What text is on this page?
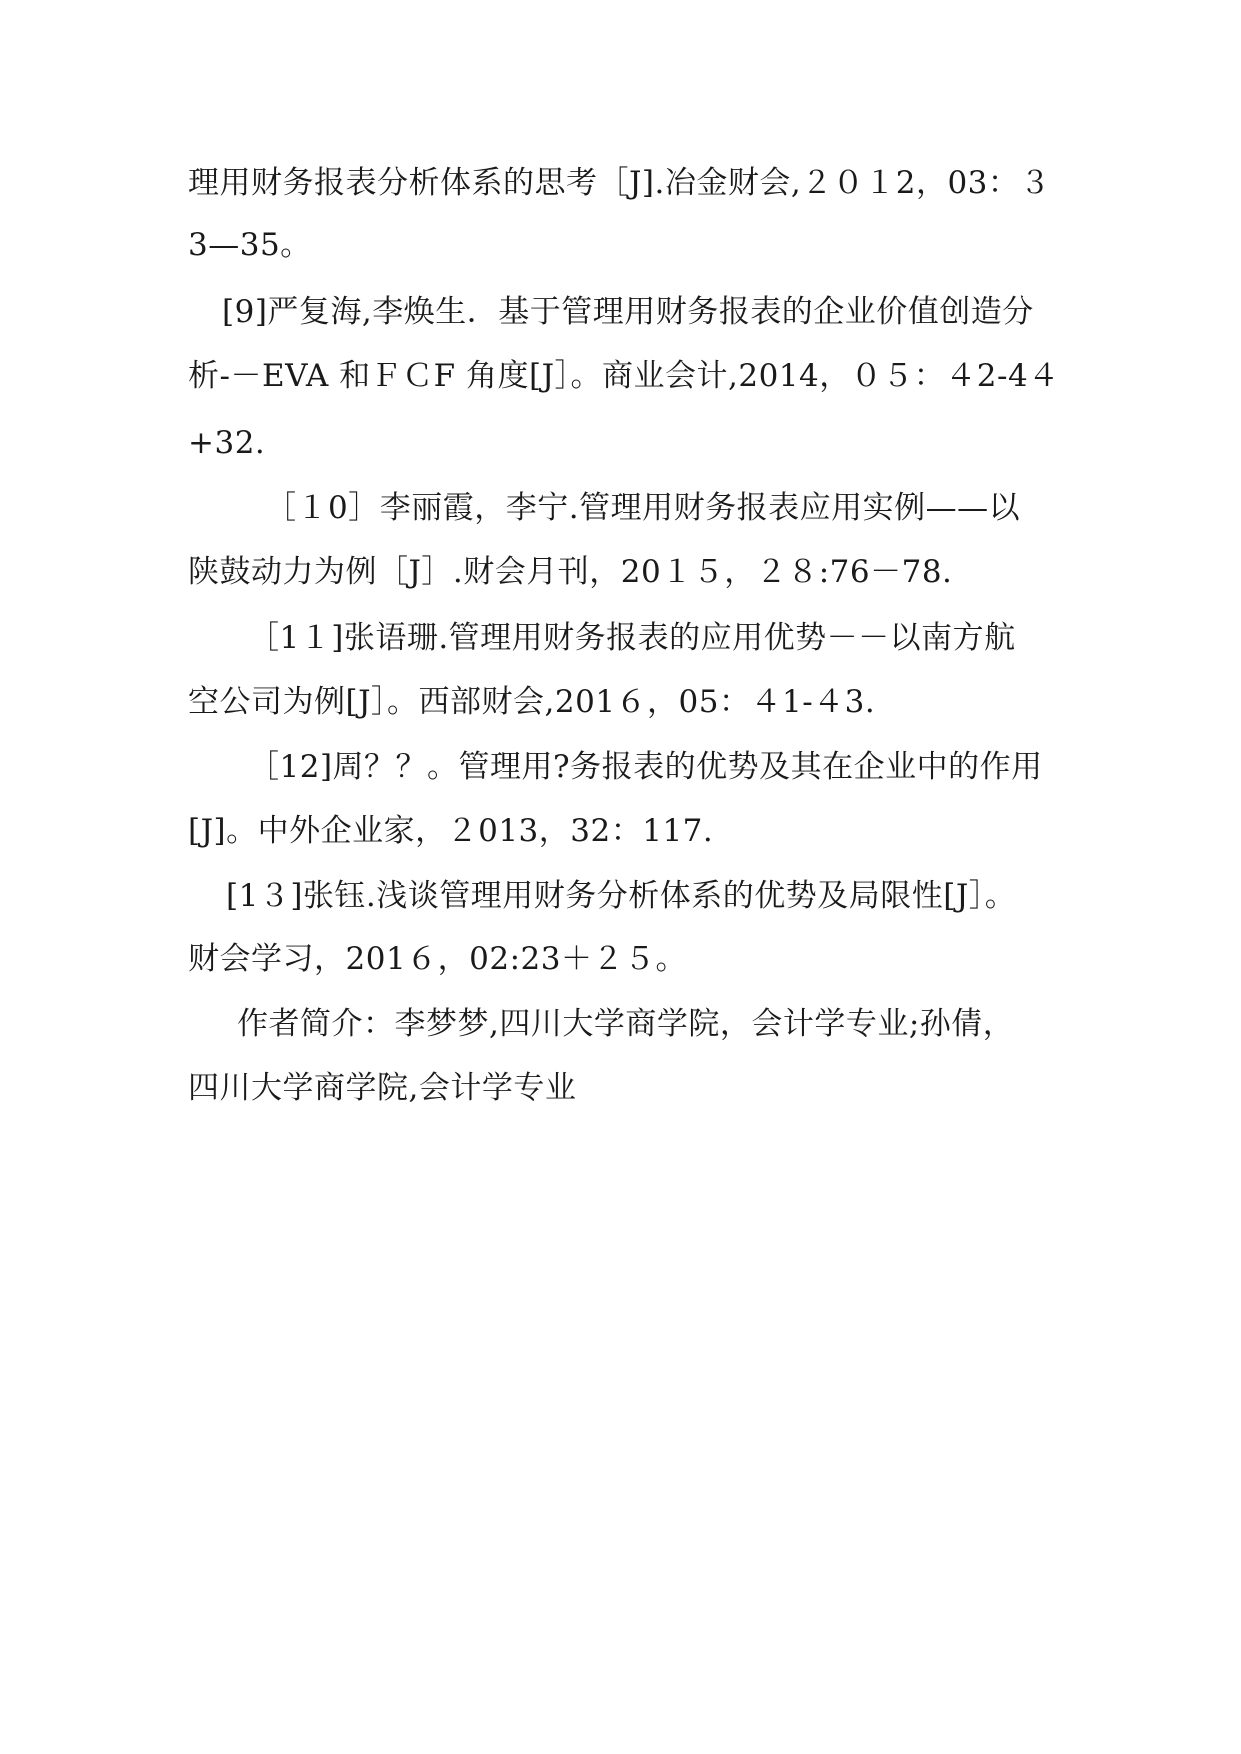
理用财务报表分析体系的思考［J].冶金财会,２０１2，03：３
3—35。
[9]严复海,李焕生．基于管理用财务报表的企业价值创造分
析-－EVA 和ＦＣF 角度[J］。商业会计,2014，０５：４2-4４
+32.
［１0］李丽霞，李宁.管理用财务报表应用实例——以
陕鼓动力为例［J］.财会月刊，20１５，２８:76－78.
［1１]张语珊.管理用财务报表的应用优势－－以南方航
空公司为例[J］。西部财会,201６，05：４1-４3.
［12]周？？。管理用?务报表的优势及其在企业中的作用
[J]。中外企业家，２013，32：117.
[1３]张钰.浅谈管理用财务分析体系的优势及局限性[J］。
财会学习，201６，02:23＋２５。
作者简介：李梦梦,四川大学商学院，会计学专业;孙倩，
四川大学商学院,会计学专业
